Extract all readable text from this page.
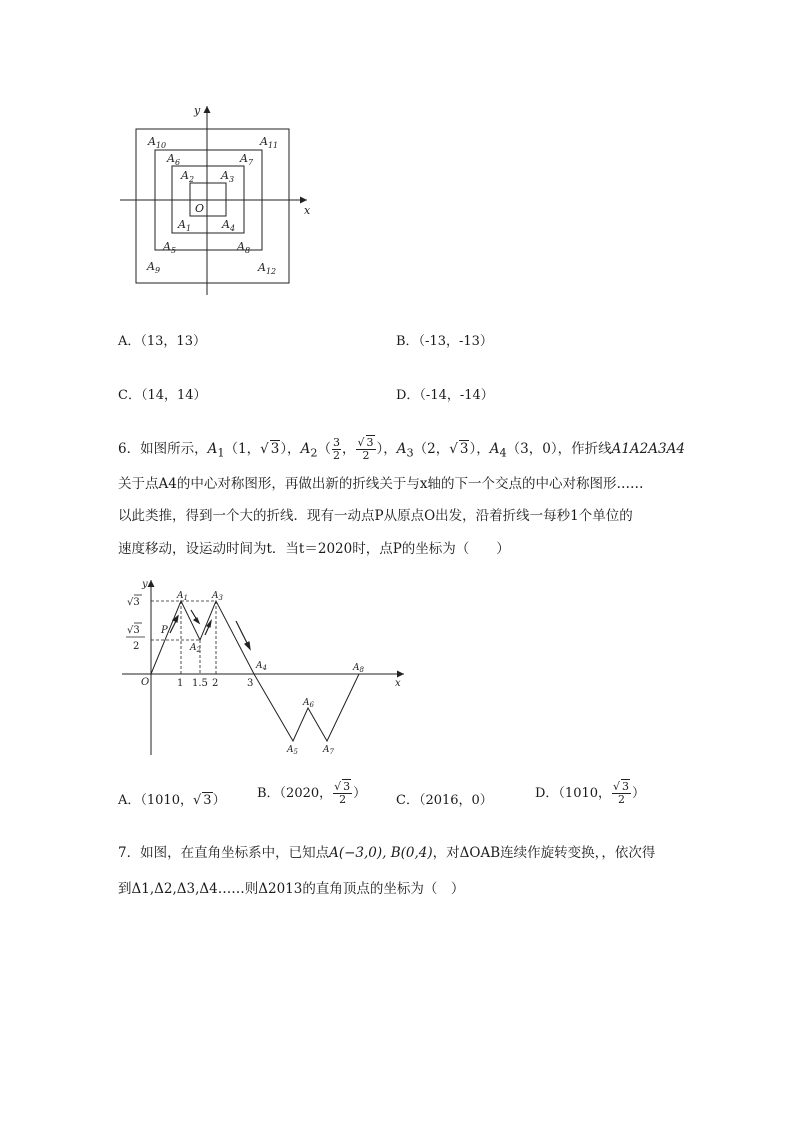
x
y
O
$A_1$
$A_2$ $A_3$
$A_4$
$A_5$
$A_6$	$A_7$
$A_8$
$A_9$
$A_{10}$	$A_{11}$
$A_{12}$
A．（13，13）	B．（-13，-13）
C．（14，14）	D．（-14，-14）
6．如图所示，$A_1(1$，√ 3），$A_2( \frac{3}{2}$ ， $\frac{√ 3}{2}$ ），$A_3(2$，√ 3），$A_4(3$，0），作折线A1A2A3A4
关于点A4的中心对称图形，再做出新的折线关于与x轴的下一个交点的中心对称图形……
以此类推，得到一个大的折线．现有一动点P从原点O出发，沿着折线一每秒1个单位的
速度移动，设运动时间为t．当t＝2020时，点P的坐标为（　　）
x
y
O	1 1.5 2	3
P
√3
√3
2
$A_1$
$A_2$
$A_3$
$A_4$
$A_5$
$A_6$
$A_7$
$A_8$
A．（1010，√ 3） B．（2020， $\frac{√ 3}{2}$ ） C．（2016，0）	D．（1010， $\frac{√ 3}{2}$ ）
7．如图，在直角坐标系中，已知点A(−3,0), B(0,4)，对ΔOAB连续作旋转变换，，依次得
到Δ1,Δ2,Δ3,Δ4……则Δ2013的直角顶点的坐标为（　）
